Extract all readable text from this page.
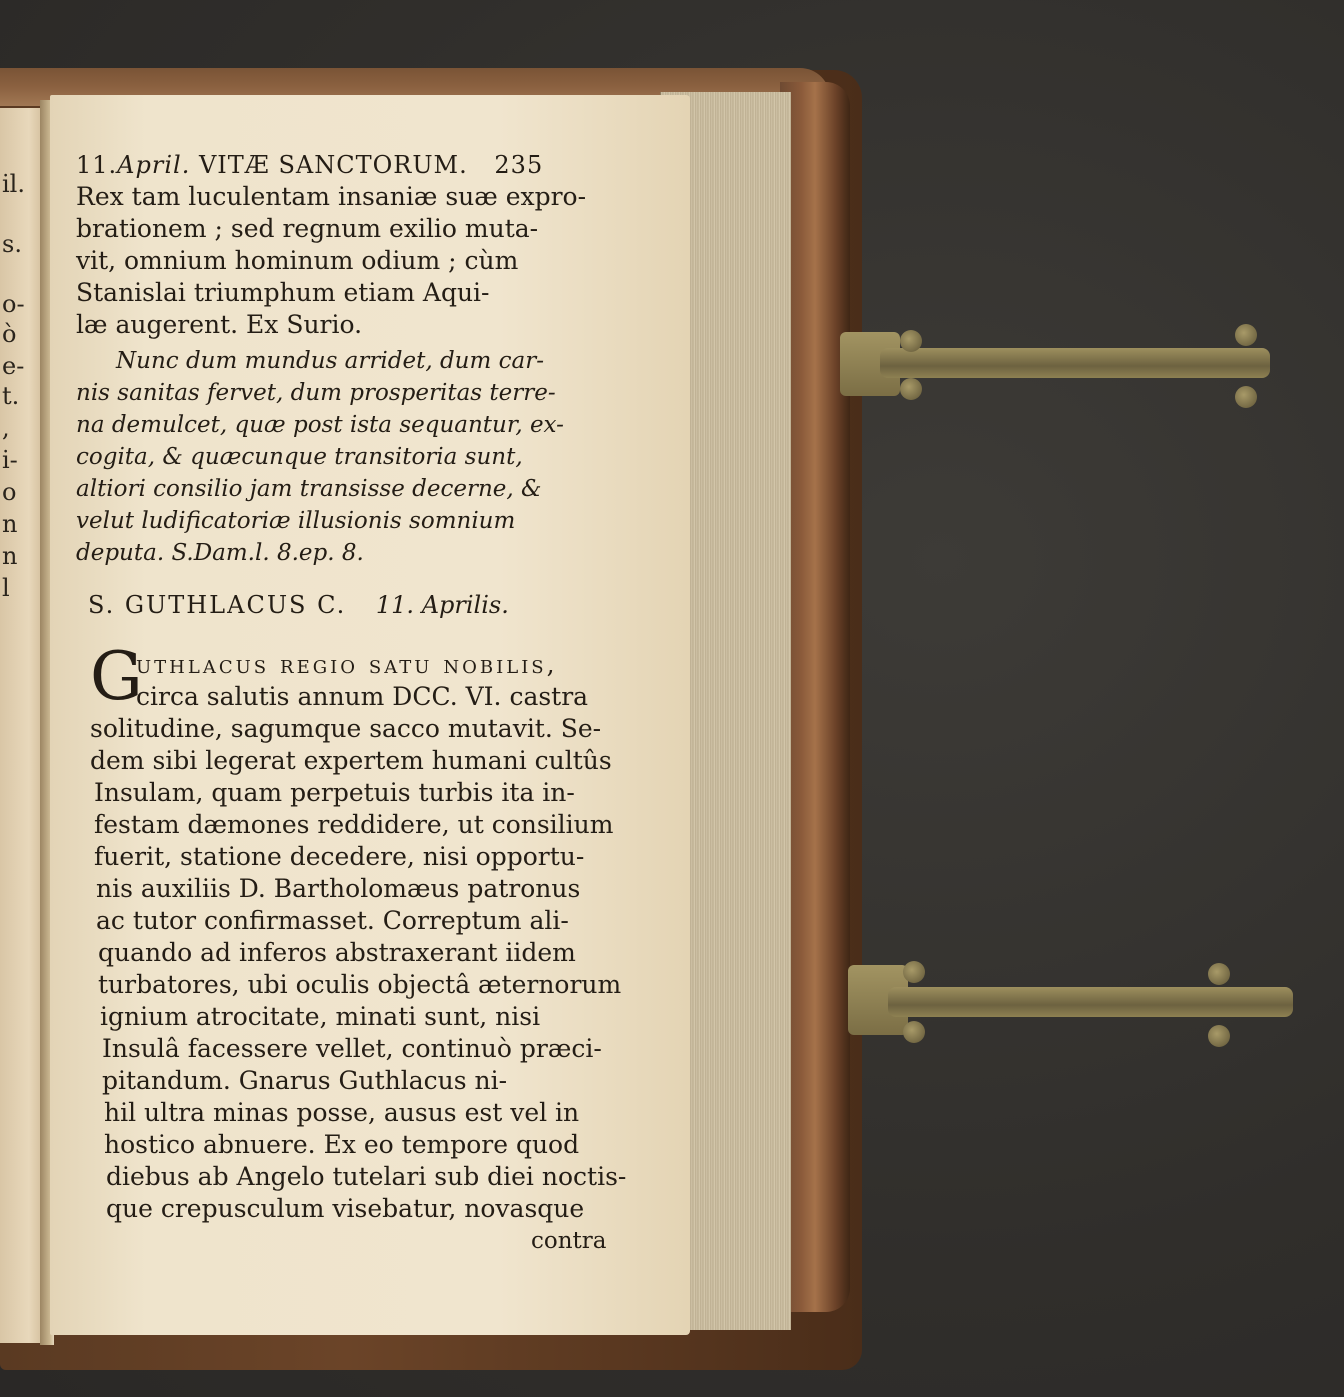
il.
s.
o-
ò
e-
t.
,
i-
o
n
n
l
11.April. VITÆ SANCTORUM. 235
Rex tam luculentam insaniæ suæ expro-
brationem ; sed regnum exilio muta-
vit, omnium hominum odium ; cùm
Stanislai triumphum etiam Aqui-
læ augerent. Ex Surio.
Nunc dum mundus arridet, dum car-
nis sanitas fervet, dum prosperitas terre-
na demulcet, quæ post ista sequantur, ex-
cogita, & quæcunque transitoria sunt,
altiori consilio jam transisse decerne, &
velut ludificatoriæ illusionis somnium
deputa. S.Dam.l. 8.ep. 8.
S. GUTHLACUS C. 11. Aprilis.
G
uthlacus regio satu nobilis,
circa salutis annum DCC. VI. castra
solitudine, sagumque sacco mutavit. Se-
dem sibi legerat expertem humani cultûs
Insulam, quam perpetuis turbis ita in-
festam dæmones reddidere, ut consilium
fuerit, statione decedere, nisi opportu-
nis auxiliis D. Bartholomæus patronus
ac tutor confirmasset. Correptum ali-
quando ad inferos abstraxerant iidem
turbatores, ubi oculis objectâ æternorum
ignium atrocitate, minati sunt, nisi
Insulâ facessere vellet, continuò præci-
pitandum. Gnarus Guthlacus ni-
hil ultra minas posse, ausus est vel in
hostico abnuere. Ex eo tempore quod
diebus ab Angelo tutelari sub diei noctis-
que crepusculum visebatur, novasque
contra
